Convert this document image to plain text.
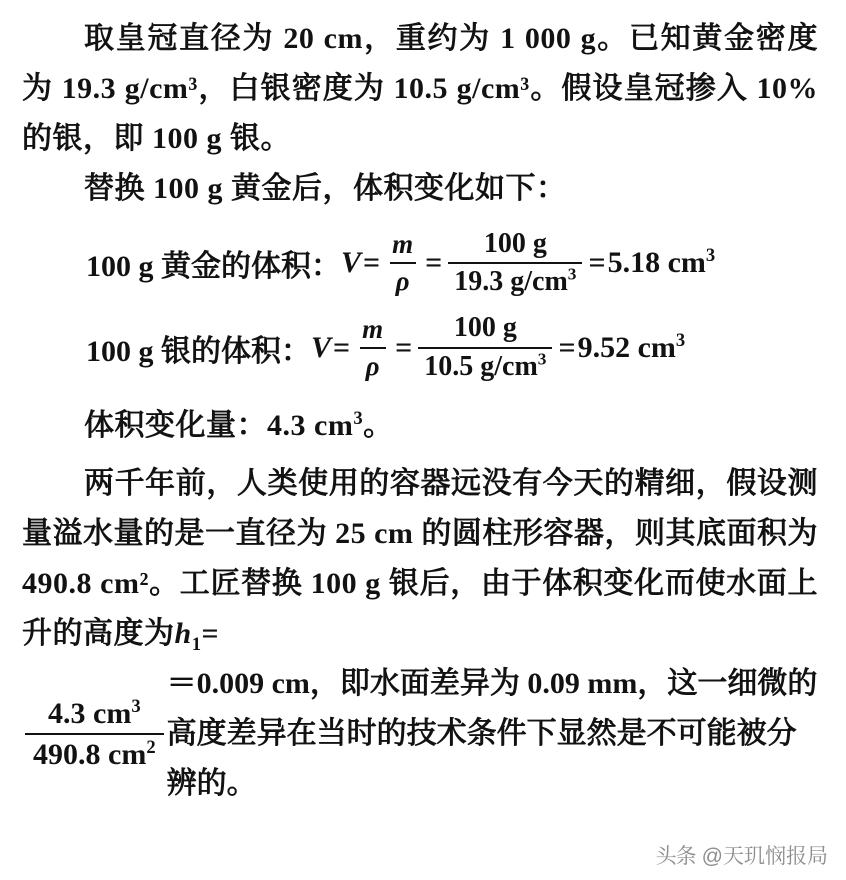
取皇冠直径为 20 cm，重约为 1 000 g。已知黄金密度为 19.3 g/cm³，白银密度为 10.5 g/cm³。假设皇冠掺入 10%的银，即 100 g 银。

替换 100 g 黄金后，体积变化如下：

100 g 黄金的体积： $V = \frac{m}{\rho} = \frac{100 g}{19.3 g/cm^3} = 5.18$ $cm^3$
100 g 银的体积： $V = \frac{m}{\rho} = \frac{100 g}{10.5 g/cm^3} = 9.52$ $cm^3$

体积变化量：4.3 $cm^3$。

两千年前，人类使用的容器远没有今天的精细，假设测量溢水量的是一直径为 25 cm 的圆柱形容器，则其底面积为 490.8 cm²。工匠替换 100 g 银后，由于体积变化而使水面上升的高度为$h_1=$

$\frac{4.3 cm^3}{490.8 cm^2}$
＝0.009 cm，即水面差异为 0.09 mm，这一细微的高度差异在当时的技术条件下显然是不可能被分辨的。
头条 @天玑悯报局
